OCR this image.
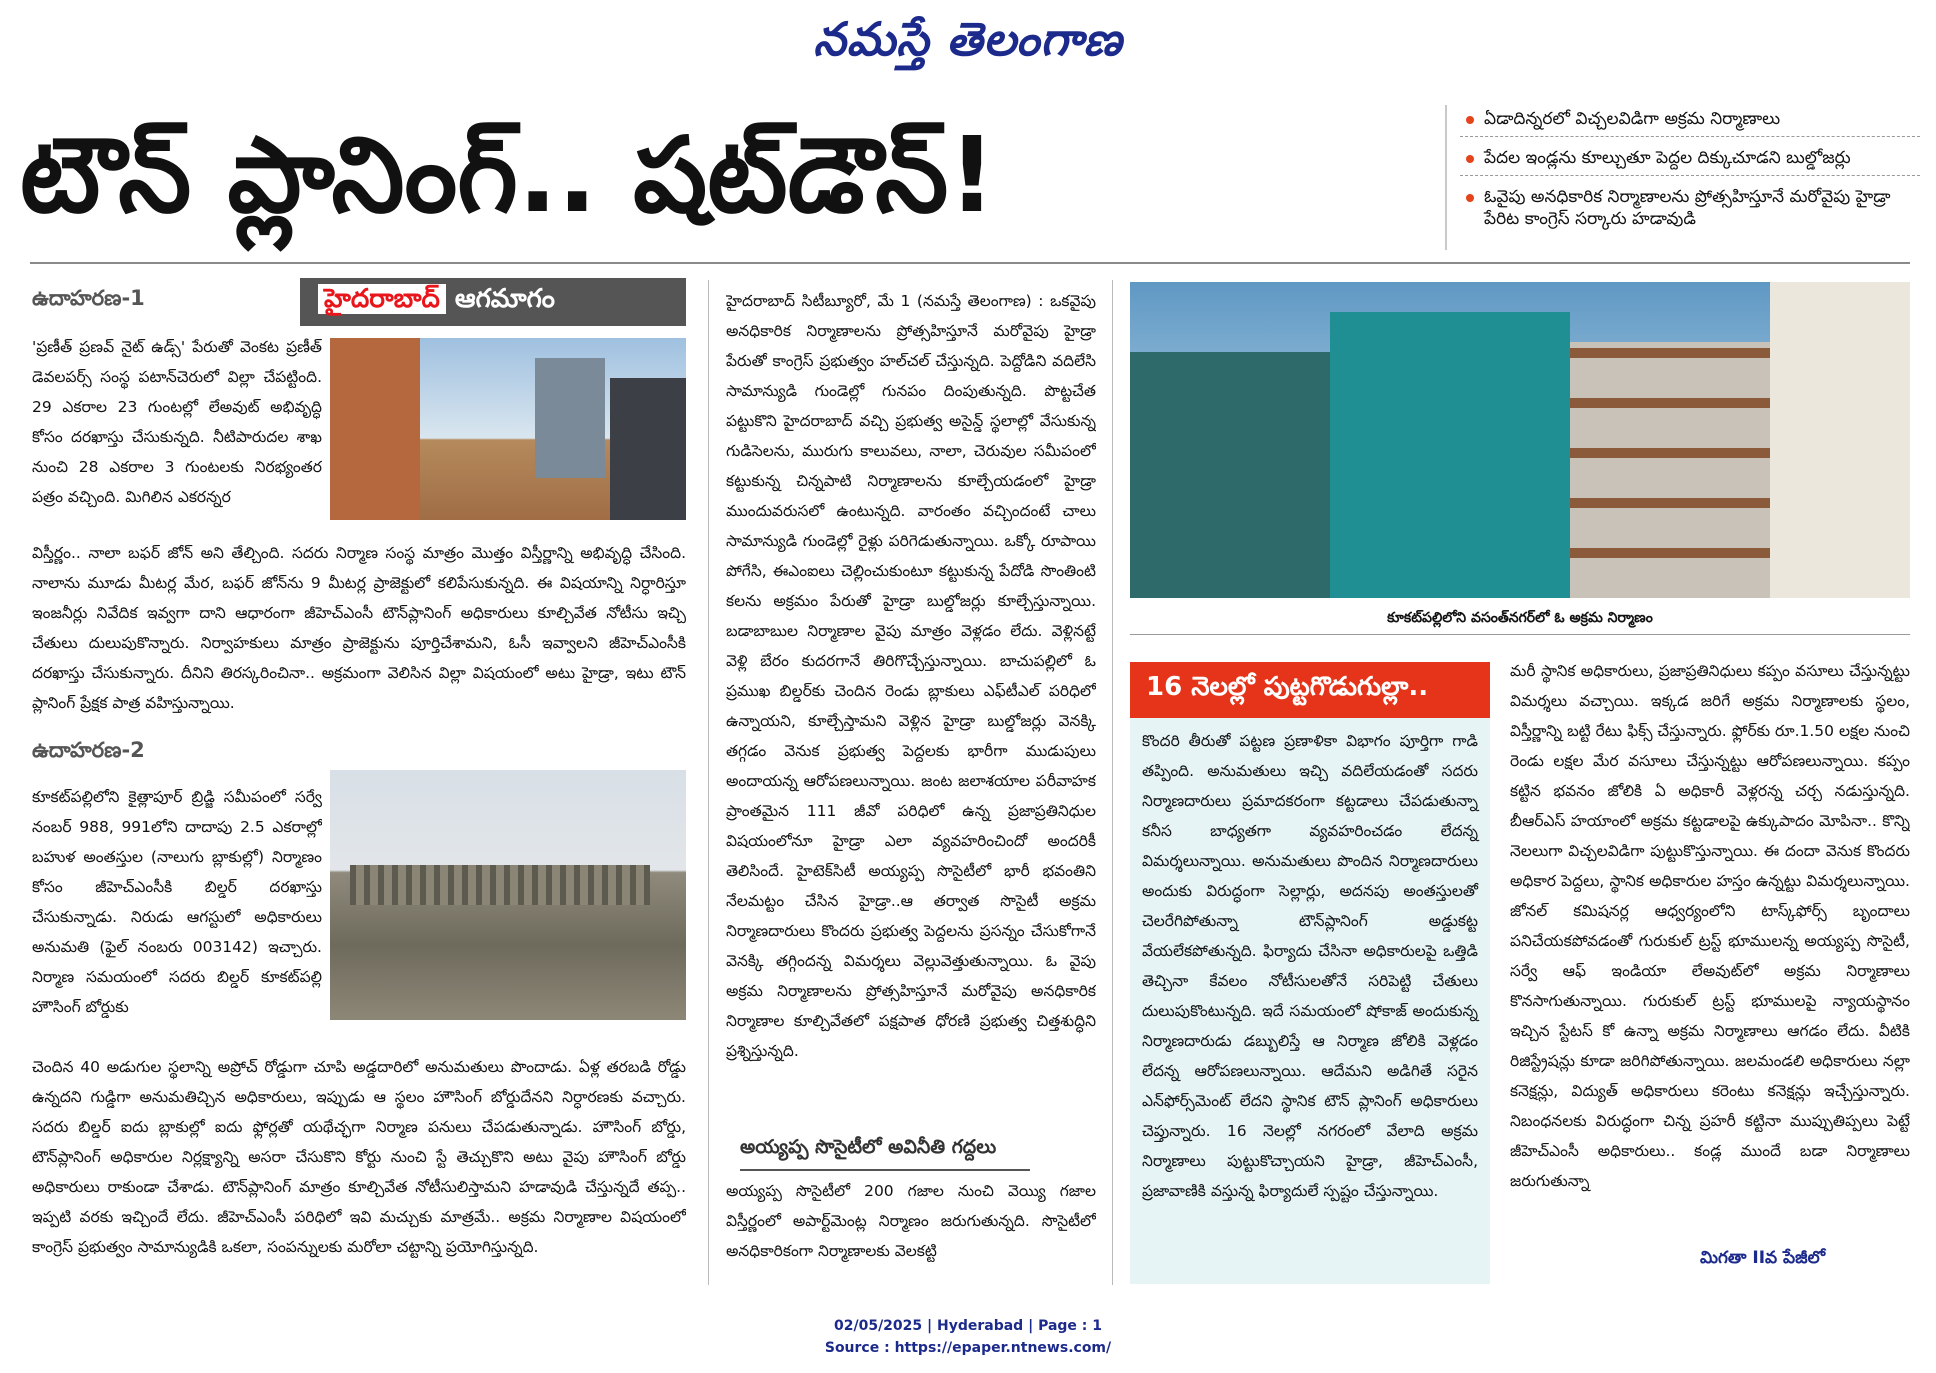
నమస్తే తెలంగాణ
టౌన్ ప్లానింగ్.. షట్‌డౌన్!	ఏడాదిన్నరలో విచ్చలవిడిగా అక్రమ నిర్మాణాలు
పేదల ఇండ్లను కూల్చుతూ పెద్దల దిక్కుచూడని బుల్డోజర్లు
ఓవైపు అనధికారిక నిర్మాణాలను ప్రోత్సహిస్తూనే మరోవైపు హైడ్రా పేరిట కాంగ్రెస్ సర్కారు హడావుడి
ఉదాహరణ-1	హైదరాబాద్ ఆగమాగం

'ప్రణీత్ ప్రణవ్ నైట్ ఉడ్స్' పేరుతో వెంకట ప్రణీత్ డెవలపర్స్ సంస్థ పటాన్‌చెరులో విల్లా చేపట్టింది. 29 ఎకరాల 23 గుంటల్లో లేఅవుట్ అభివృద్ధి కోసం దరఖాస్తు చేసుకున్నది. నీటిపారుదల శాఖ నుంచి 28 ఎకరాల 3 గుంటలకు నిరభ్యంతర పత్రం వచ్చింది. మిగిలిన ఎకరన్నర

విస్తీర్ణం.. నాలా బఫర్ జోన్ అని తేల్చింది. సదరు నిర్మాణ సంస్థ మాత్రం మొత్తం విస్తీర్ణాన్ని అభివృద్ధి చేసింది. నాలాను మూడు మీటర్ల మేర, బఫర్ జోన్‌ను 9 మీటర్ల ప్రాజెక్టులో కలిపేసుకున్నది. ఈ విషయాన్ని నిర్ధారిస్తూ ఇంజనీర్లు నివేదిక ఇవ్వగా దాని ఆధారంగా జీహెచ్ఎంసీ టౌన్‌ప్లానింగ్ అధికారులు కూల్చివేత నోటీసు ఇచ్చి చేతులు దులుపుకొన్నారు. నిర్వాహకులు మాత్రం ప్రాజెక్టును పూర్తిచేశామని, ఓసీ ఇవ్వాలని జీహెచ్ఎంసీకి దరఖాస్తు చేసుకున్నారు. దీనిని తిరస్కరించినా.. అక్రమంగా వెలిసిన విల్లా విషయంలో అటు హైడ్రా, ఇటు టౌన్ ప్లానింగ్ ప్రేక్షక పాత్ర వహిస్తున్నాయి.

ఉదాహరణ-2

కూకట్‌పల్లిలోని కైత్లాపూర్ బ్రిడ్జి సమీపంలో సర్వే నంబర్ 988, 991లోని దాదాపు 2.5 ఎకరాల్లో బహుళ అంతస్తుల (నాలుగు బ్లాకుల్లో) నిర్మాణం కోసం జీహెచ్ఎంసీకి బిల్డర్ దరఖాస్తు చేసుకున్నాడు. నిరుడు ఆగస్టులో అధికారులు అనుమతి (ఫైల్ నంబరు 003142) ఇచ్చారు. నిర్మాణ సమయంలో సదరు బిల్డర్ కూకట్‌పల్లి హౌసింగ్ బోర్డుకు

చెందిన 40 అడుగుల స్థలాన్ని అప్రోచ్ రోడ్డుగా చూపి అడ్డదారిలో అనుమతులు పొందాడు. ఏళ్ల తరబడి రోడ్డు ఉన్నదని గుడ్డిగా అనుమతిచ్చిన అధికారులు, ఇప్పుడు ఆ స్థలం హౌసింగ్ బోర్డుదేనని నిర్ధారణకు వచ్చారు. సదరు బిల్డర్ ఐదు బ్లాకుల్లో ఐదు ఫ్లోర్లతో యథేచ్ఛగా నిర్మాణ పనులు చేపడుతున్నాడు. హౌసింగ్ బోర్డు, టౌన్‌ప్లానింగ్ అధికారుల నిర్లక్ష్యాన్ని అసరా చేసుకొని కోర్టు నుంచి స్టే తెచ్చుకొని అటు వైపు హౌసింగ్ బోర్డు అధికారులు రాకుండా చేశాడు. టౌన్‌ప్లానింగ్ మాత్రం కూల్చివేత నోటీసులిస్తామని హడావుడి చేస్తున్నదే తప్ప.. ఇప్పటి వరకు ఇచ్చిందే లేదు. జీహెచ్ఎంసీ పరిధిలో ఇవి మచ్చుకు మాత్రమే.. అక్రమ నిర్మాణాల విషయంలో కాంగ్రెస్ ప్రభుత్వం సామాన్యుడికి ఒకలా, సంపన్నులకు మరోలా చట్టాన్ని ప్రయోగిస్తున్నది.

హైదరాబాద్ సిటీబ్యూరో, మే 1 (నమస్తే తెలంగాణ) : ఒకవైపు అనధికారిక నిర్మాణాలను ప్రోత్సహిస్తూనే మరోవైపు హైడ్రా పేరుతో కాంగ్రెస్ ప్రభుత్వం హల్‌చల్ చేస్తున్నది. పెద్దోడిని వదిలేసి సామాన్యుడి గుండెల్లో గునపం దింపుతున్నది. పొట్టచేత పట్టుకొని హైదరాబాద్ వచ్చి ప్రభుత్వ అసైన్డ్ స్థలాల్లో వేసుకున్న గుడిసెలను, మురుగు కాలువలు, నాలా, చెరువుల సమీపంలో కట్టుకున్న చిన్నపాటి నిర్మాణాలను కూల్చేయడంలో హైడ్రా ముందువరుసలో ఉంటున్నది. వారంతం వచ్చిందంటే చాలు సామాన్యుడి గుండెల్లో రైళ్లు పరిగెడుతున్నాయి. ఒక్కో రూపాయి పోగేసి, ఈఎంఐలు చెల్లించుకుంటూ కట్టుకున్న పేదోడి సొంతింటి కలను అక్రమం పేరుతో హైడ్రా బుల్డోజర్లు కూల్చేస్తున్నాయి. బడాబాబుల నిర్మాణాల వైపు మాత్రం వెళ్లడం లేదు. వెళ్లినట్టే వెళ్లి బేరం కుదరగానే తిరిగొచ్చేస్తున్నాయి. బాచుపల్లిలో ఓ ప్రముఖ బిల్డర్‌కు చెందిన రెండు బ్లాకులు ఎఫ్‌టీఎల్ పరిధిలో ఉన్నాయని, కూల్చేస్తామని వెళ్లిన హైడ్రా బుల్డోజర్లు వెనక్కి తగ్గడం వెనుక ప్రభుత్వ పెద్దలకు భారీగా ముడుపులు అందాయన్న ఆరోపణలున్నాయి. జంట జలాశయాల పరీవాహక ప్రాంతమైన 111 జీవో పరిధిలో ఉన్న ప్రజాప్రతినిధుల విషయంలోనూ హైడ్రా ఎలా వ్యవహరించిందో అందరికీ తెలిసిందే. హైటెక్‌సిటీ అయ్యప్ప సొసైటీలో భారీ భవంతిని నేలమట్టం చేసిన హైడ్రా..ఆ తర్వాత సొసైటీ అక్రమ నిర్మాణదారులు కొందరు ప్రభుత్వ పెద్దలను ప్రసన్నం చేసుకోగానే వెనక్కి తగ్గిందన్న విమర్శలు వెల్లువెత్తుతున్నాయి. ఓ వైపు అక్రమ నిర్మాణాలను ప్రోత్సహిస్తూనే మరోవైపు అనధికారిక నిర్మాణాల కూల్చివేతలో పక్షపాత ధోరణి ప్రభుత్వ చిత్తశుద్ధిని ప్రశ్నిస్తున్నది.

అయ్యప్ప సొసైటీలో అవినీతి గద్దలు

అయ్యప్ప సొసైటీలో 200 గజాల నుంచి వెయ్యి గజాల విస్తీర్ణంలో అపార్ట్‌మెంట్ల నిర్మాణం జరుగుతున్నది. సొసైటీలో అనధికారికంగా నిర్మాణాలకు వెలకట్టి

కూకట్‌పల్లిలోని వసంత్‌నగర్‌లో ఓ అక్రమ నిర్మాణం
16 నెలల్లో పుట్టగొడుగుల్లా..

కొందరి తీరుతో పట్టణ ప్రణాళికా విభాగం పూర్తిగా గాడి తప్పింది. అనుమతులు ఇచ్చి వదిలేయడంతో సదరు నిర్మాణదారులు ప్రమాదకరంగా కట్టడాలు చేపడుతున్నా కనీస బాధ్యతగా వ్యవహరించడం లేదన్న విమర్శలున్నాయి. అనుమతులు పొందిన నిర్మాణదారులు అందుకు విరుద్ధంగా సెల్లార్లు, అదనపు అంతస్తులతో చెలరేగిపోతున్నా టౌన్‌ప్లానింగ్ అడ్డుకట్ట వేయలేకపోతున్నది. ఫిర్యాదు చేసినా అధికారులపై ఒత్తిడి తెచ్చినా కేవలం నోటీసులతోనే సరిపెట్టి చేతులు దులుపుకొంటున్నది. ఇదే సమయంలో షోకాజ్ అందుకున్న నిర్మాణదారుడు డబ్బులిస్తే ఆ నిర్మాణ జోలికి వెళ్లడం లేదన్న ఆరోపణలున్నాయి. ఆదేమని అడిగితే సరైన ఎన్‌ఫోర్స్‌మెంట్ లేదని స్థానిక టౌన్ ప్లానింగ్ అధికారులు చెప్తున్నారు. 16 నెలల్లో నగరంలో వేలాది అక్రమ నిర్మాణాలు పుట్టుకొచ్చాయని హైడ్రా, జీహెచ్ఎంసీ, ప్రజావాణికి వస్తున్న ఫిర్యాదులే స్పష్టం చేస్తున్నాయి.

మరీ స్థానిక అధికారులు, ప్రజాప్రతినిధులు కప్పం వసూలు చేస్తున్నట్టు విమర్శలు వచ్చాయి. ఇక్కడ జరిగే అక్రమ నిర్మాణాలకు స్థలం, విస్తీర్ణాన్ని బట్టి రేటు ఫిక్స్ చేస్తున్నారు. ఫ్లోర్‌కు రూ.1.50 లక్షల నుంచి రెండు లక్షల మేర వసూలు చేస్తున్నట్టు ఆరోపణలున్నాయి. కప్పం కట్టిన భవనం జోలికి ఏ అధికారీ వెళ్లరన్న చర్చ నడుస్తున్నది. బీఆర్ఎస్ హయాంలో అక్రమ కట్టడాలపై ఉక్కుపాదం మోపినా.. కొన్ని నెలలుగా విచ్చలవిడిగా పుట్టుకొస్తున్నాయి. ఈ దందా వెనుక కొందరు అధికార పెద్దలు, స్థానిక అధికారుల హస్తం ఉన్నట్టు విమర్శలున్నాయి. జోనల్ కమిషనర్ల ఆధ్వర్యంలోని టాస్క్‌ఫోర్స్ బృందాలు పనిచేయకపోవడంతో గురుకుల్ ట్రస్ట్ భూములన్న అయ్యప్ప సొసైటీ, సర్వే ఆఫ్ ఇండియా లేఅవుట్‌లో అక్రమ నిర్మాణాలు కొనసాగుతున్నాయి. గురుకుల్ ట్రస్ట్ భూములపై న్యాయస్థానం ఇచ్చిన స్టేటస్ కో ఉన్నా అక్రమ నిర్మాణాలు ఆగడం లేదు. వీటికి రిజిస్ట్రేషన్లు కూడా జరిగిపోతున్నాయి. జలమండలి అధికారులు నల్లా కనెక్షన్లు, విద్యుత్ అధికారులు కరెంటు కనెక్షన్లు ఇచ్చేస్తున్నారు. నిబంధనలకు విరుద్ధంగా చిన్న ప్రహరీ కట్టినా ముప్పుతిప్పలు పెట్టే జీహెచ్ఎంసీ అధికారులు.. కండ్ల ముందే బడా నిర్మాణాలు జరుగుతున్నా

మిగతా IIవ పేజీలో
02/05/2025 | Hyderabad | Page : 1
Source : https://epaper.ntnews.com/
